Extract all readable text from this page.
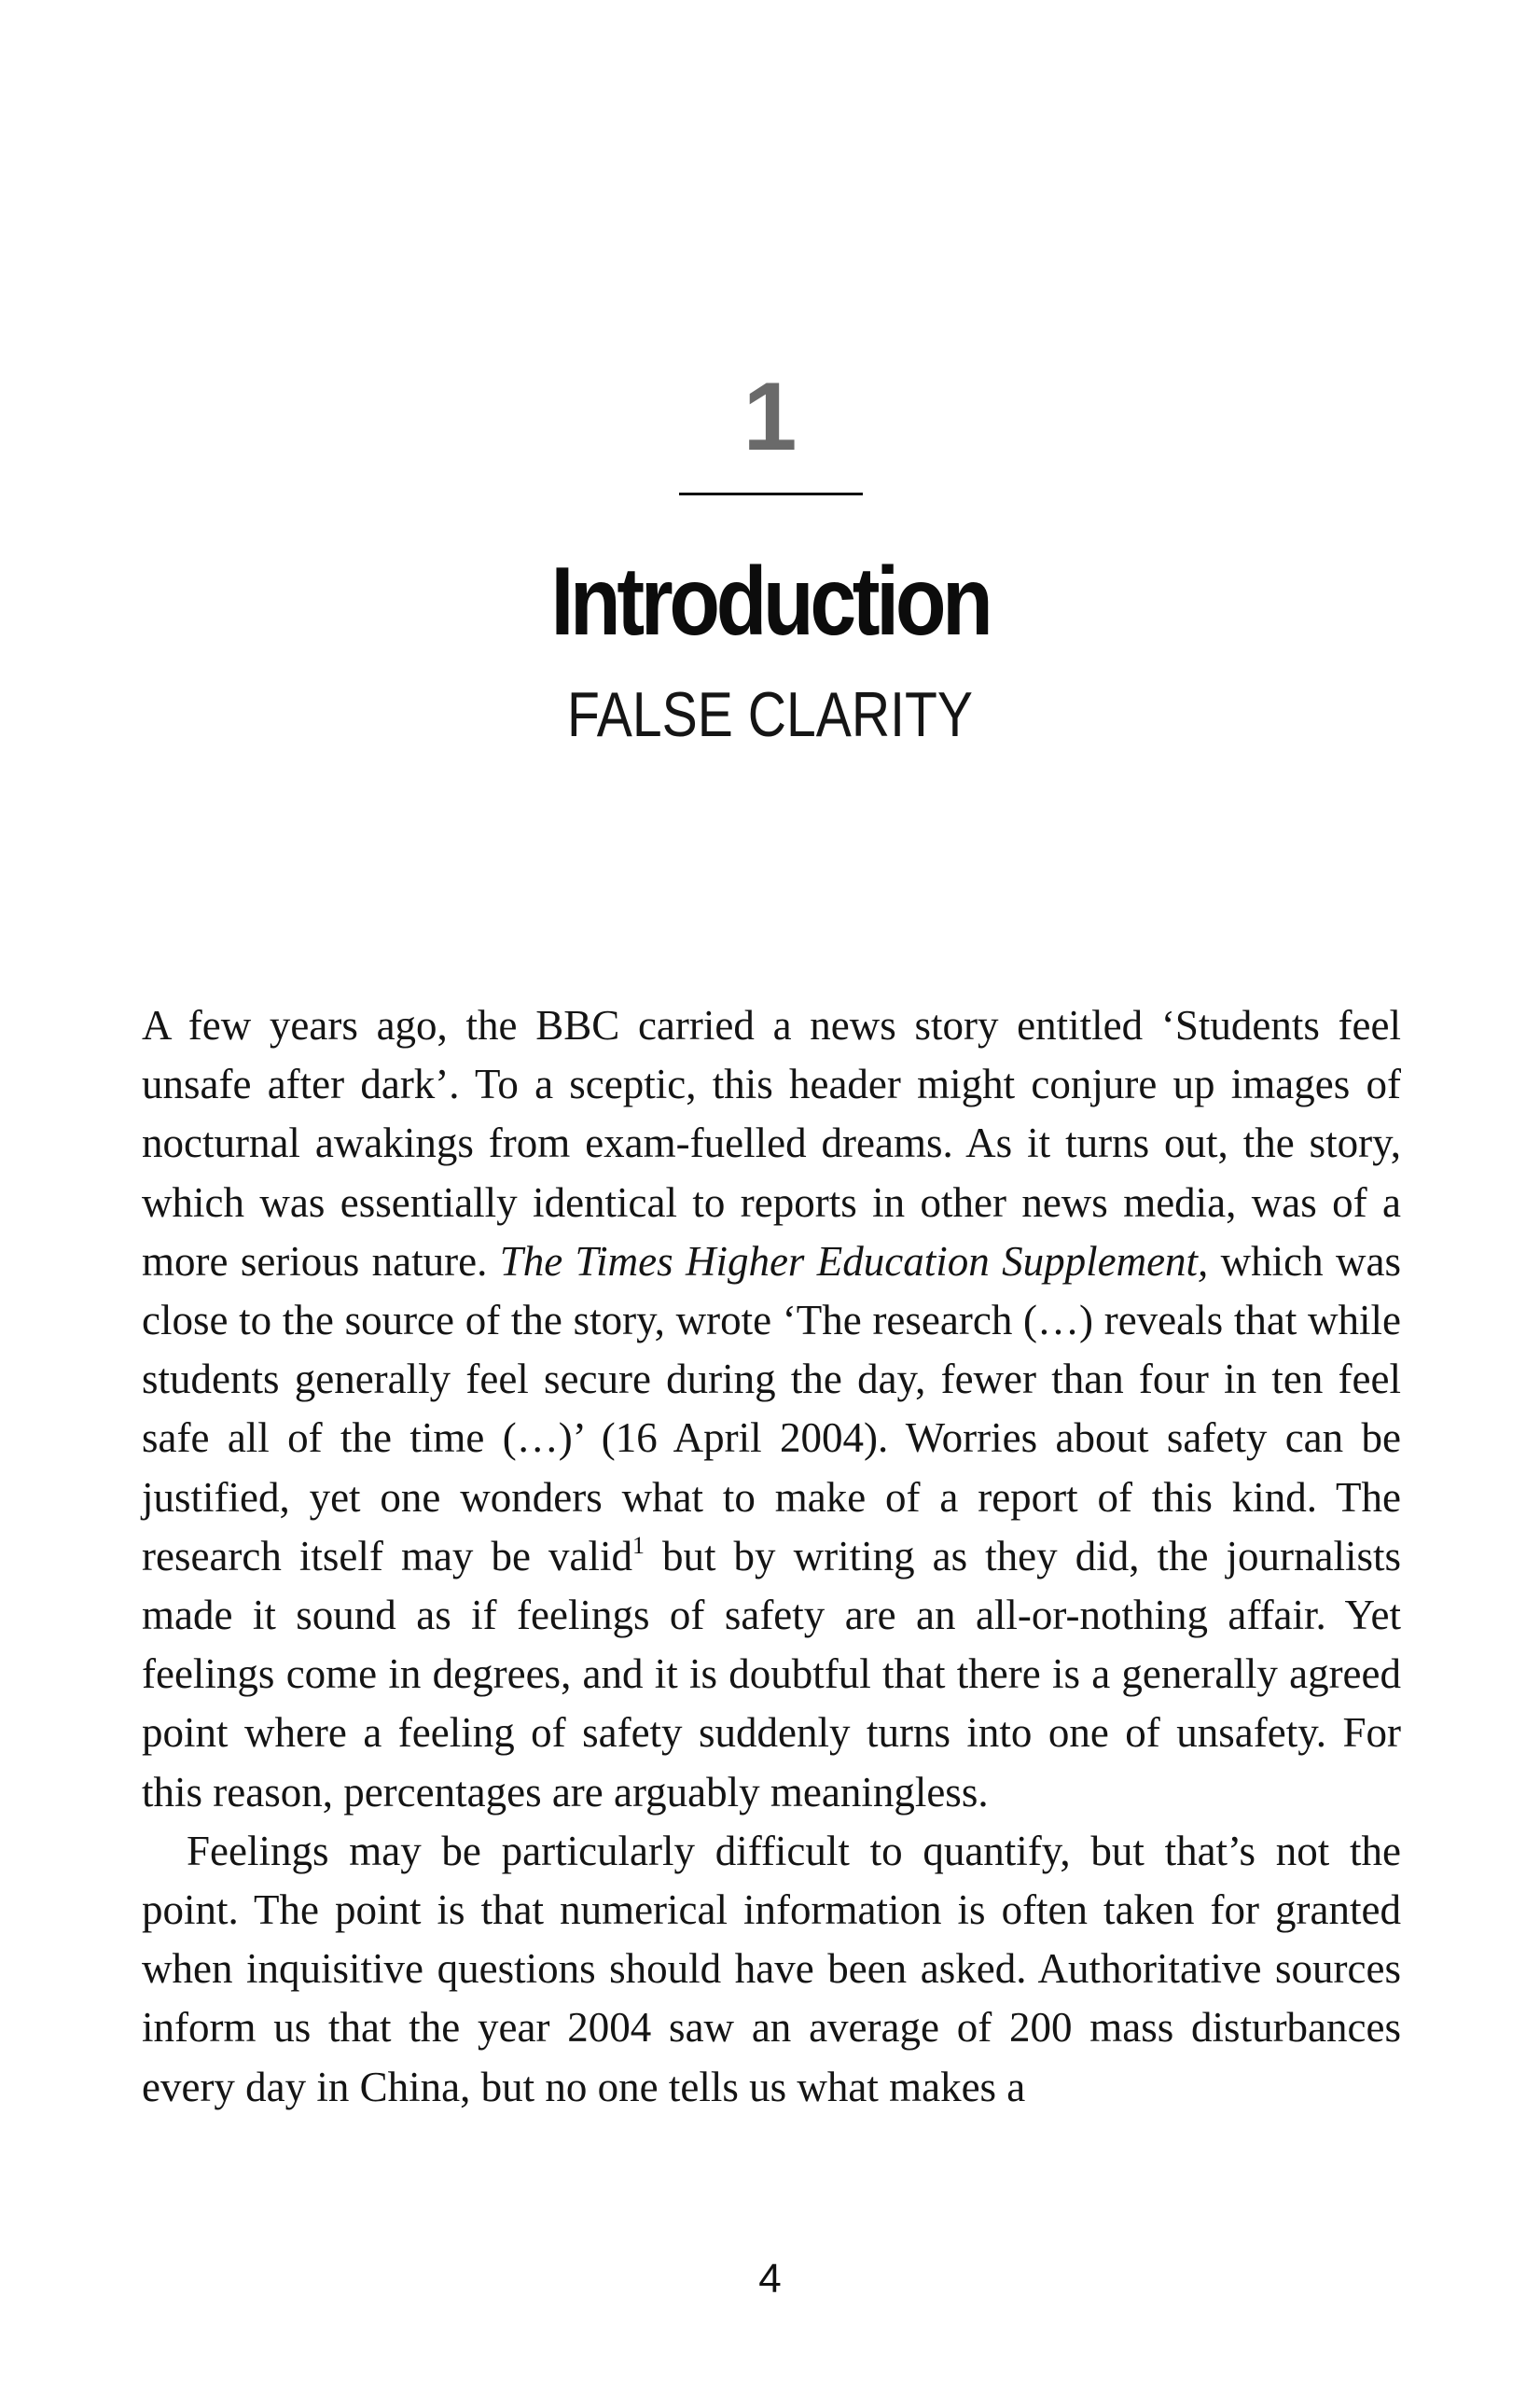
1
Introduction
FALSE CLARITY

A few years ago, the BBC carried a news story entitled ‘Students feel unsafe after dark’. To a sceptic, this header might conjure up images of nocturnal awakings from exam-fuelled dreams. As it turns out, the story, which was essentially identical to reports in other news media, was of a more serious nature. The Times Higher Education Supplement, which was close to the source of the story, wrote ‘The research (…) reveals that while students generally feel secure during the day, fewer than four in ten feel safe all of the time (…)’ (16 April 2004). Worries about safety can be justified, yet one wonders what to make of a report of this kind. The research itself may be valid$^1$ but by writing as they did, the journalists made it sound as if feelings of safety are an all-or-nothing affair. Yet feelings come in degrees, and it is doubtful that there is a generally agreed point where a feeling of safety suddenly turns into one of unsafety. For this reason, percentages are arguably meaningless.

Feelings may be particularly difficult to quantify, but that’s not the point. The point is that numerical information is often taken for granted when inquisitive questions should have been asked. Authoritative sources inform us that the year 2004 saw an average of 200 mass disturbances every day in China, but no one tells us what makes a

4
